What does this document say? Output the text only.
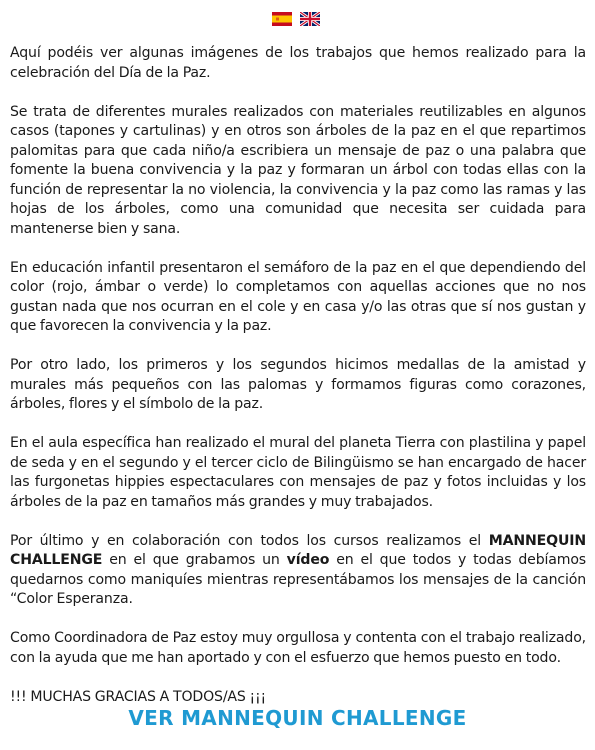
Aquí podéis ver algunas imágenes de los trabajos que hemos realizado para la celebración del Día de la Paz.

Se trata de diferentes murales realizados con materiales reutilizables en algunos casos (tapones y cartulinas) y en otros son árboles de la paz en el que repartimos palomitas para que cada niño/a escribiera un mensaje de paz o una palabra que fomente la buena convivencia y la paz y formaran un árbol con todas ellas con la función de representar la no violencia, la convivencia y la paz como las ramas y las hojas de los árboles, como una comunidad que necesita ser cuidada para mantenerse bien y sana.

En educación infantil presentaron el semáforo de la paz en el que dependiendo del color (rojo, ámbar o verde) lo completamos con aquellas acciones que no nos gustan nada que nos ocurran en el cole y en casa y/o las otras que sí nos gustan y que favorecen la convivencia y la paz.

Por otro lado, los primeros y los segundos hicimos medallas de la amistad y murales más pequeños con las palomas y formamos figuras como corazones, árboles, flores y el símbolo de la paz.

En el aula específica han realizado el mural del planeta Tierra con plastilina y papel de seda y en el segundo y el tercer ciclo de Bilingüismo se han encargado de hacer las furgonetas hippies espectaculares con mensajes de paz y fotos incluidas y los árboles de la paz en tamaños más grandes y muy trabajados.

Por último y en colaboración con todos los cursos realizamos el MANNEQUIN CHALLENGE en el que grabamos un vídeo en el que todos y todas debíamos quedarnos como maniquíes mientras representábamos los mensajes de la canción “Color Esperanza.

Como Coordinadora de Paz estoy muy orgullosa y contenta con el trabajo realizado, con la ayuda que me han aportado y con el esfuerzo que hemos puesto en todo.

!!! MUCHAS GRACIAS A TODOS/AS ¡¡¡

VER MANNEQUIN CHALLENGE
